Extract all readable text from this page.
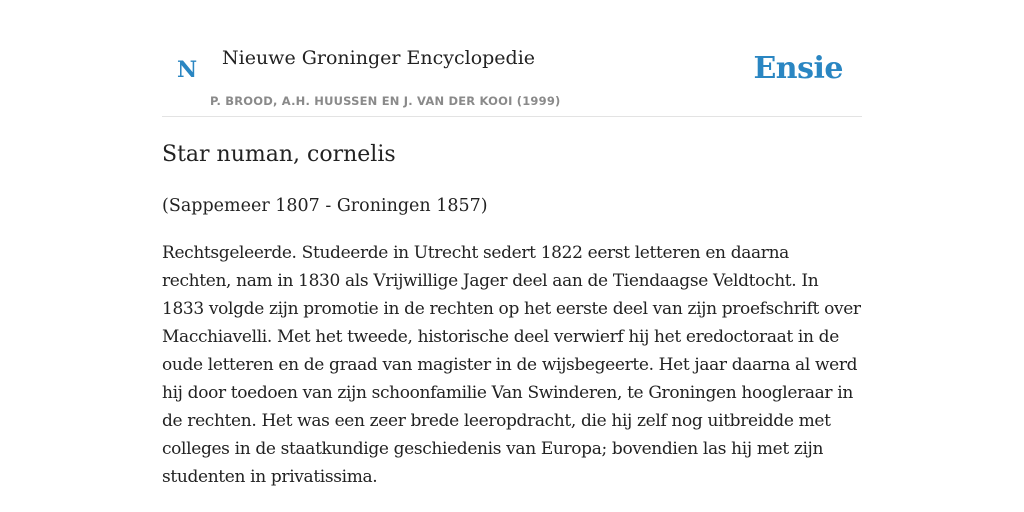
N Nieuwe Groninger Encyclopedie
P. BROOD, A.H. HUUSSEN EN J. VAN DER KOOI (1999)
Ensie
Star numan, cornelis

(Sappemeer 1807 - Groningen 1857)

Rechtsgeleerde. Studeerde in Utrecht sedert 1822 eerst letteren en daarna rechten, nam in 1830 als Vrijwillige Jager deel aan de Tiendaagse Veldtocht. In 1833 volgde zijn promotie in de rechten op het eerste deel van zijn proefschrift over Macchiavelli. Met het tweede, historische deel verwierf hij het eredoctoraat in de oude letteren en de graad van magister in de wijsbegeerte. Het jaar daarna al werd hij door toedoen van zijn schoonfamilie Van Swinderen, te Groningen hoogleraar in de rechten. Het was een zeer brede leeropdracht, die hij zelf nog uitbreidde met colleges in de staatkundige geschiedenis van Europa; bovendien las hij met zijn studenten in privatissima.
